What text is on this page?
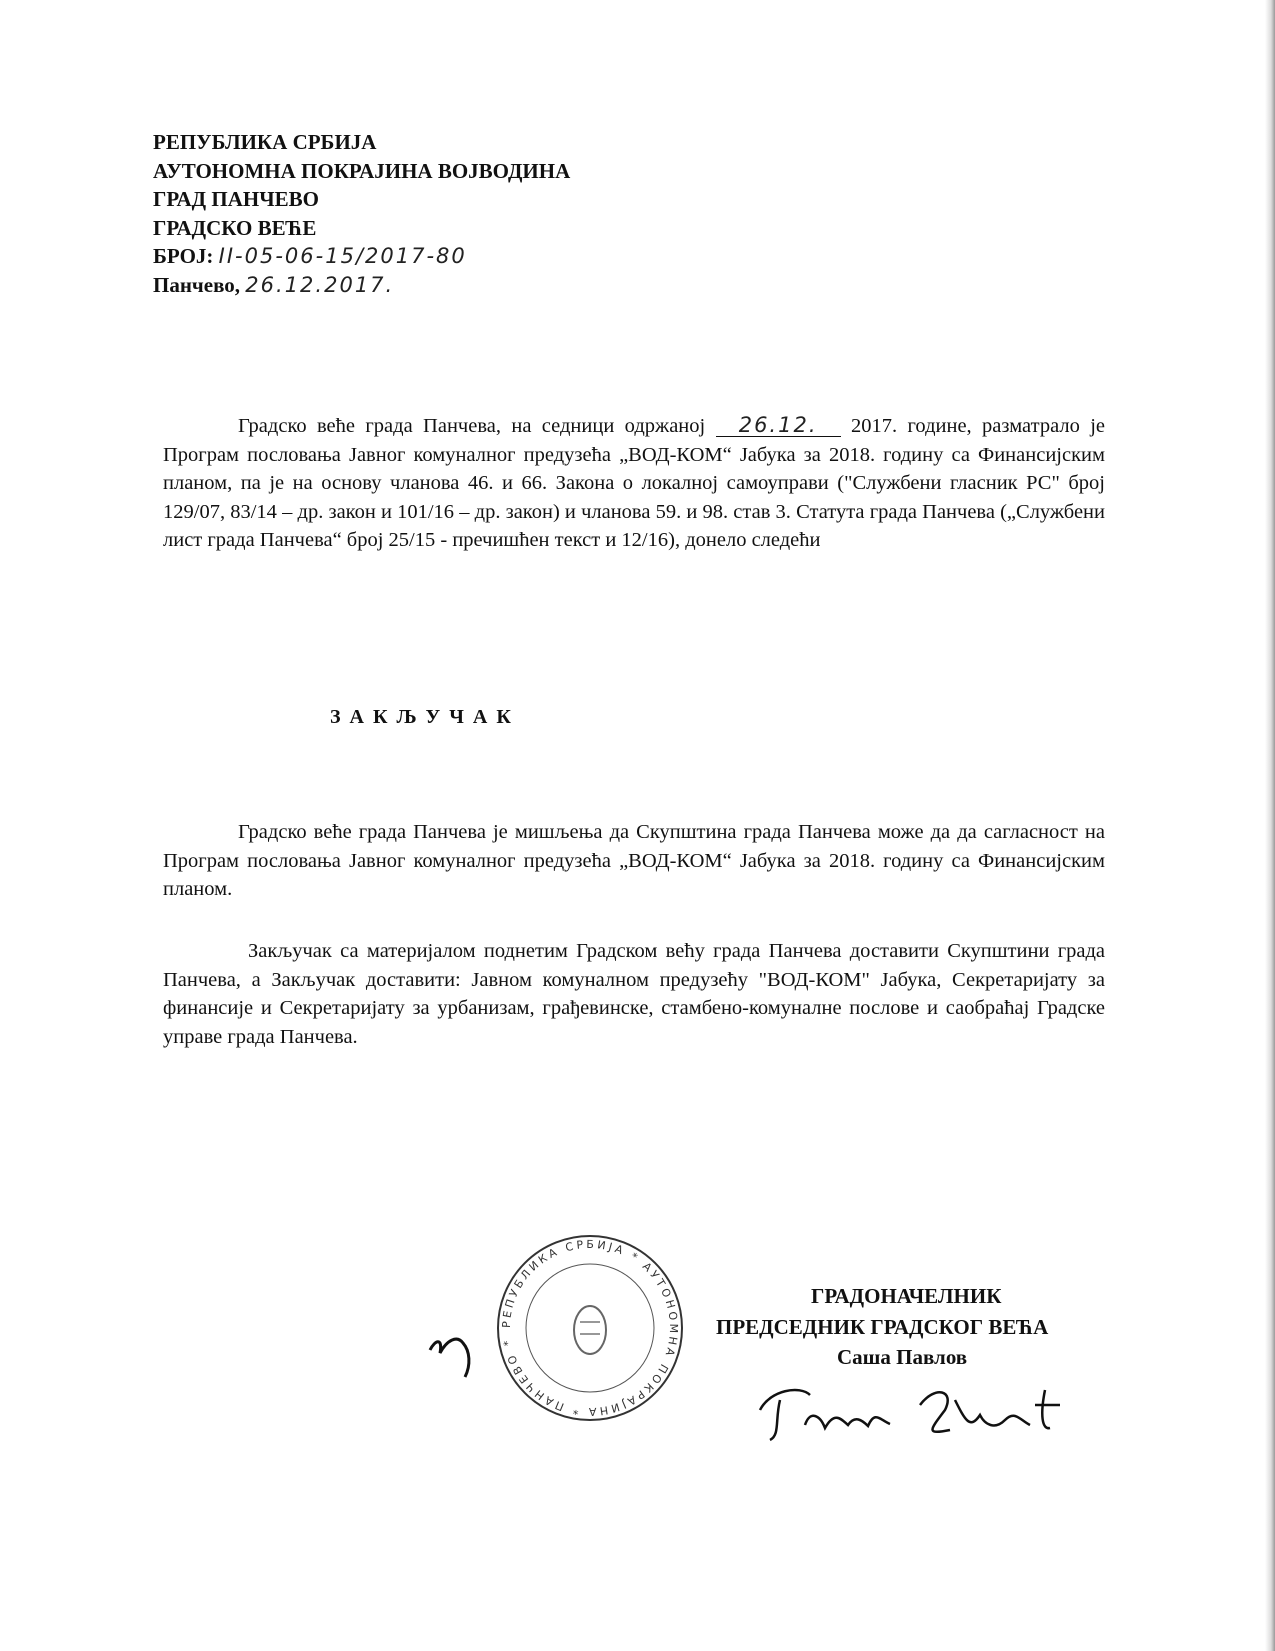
РЕПУБЛИКА СРБИЈА
АУТОНОМНА ПОКРАЈИНА ВОЈВОДИНА
ГРАД ПАНЧЕВО
ГРАДСКО ВЕЋЕ
БРОЈ: II-05-06-15/2017-80
Панчево, 26.12.2017.
Градско веће града Панчева, на седници одржаној 26.12. 2017. године, разматрало је Програм пословања Јавног комуналног предузећа „ВОД-КОМ“ Јабука за 2018. годину са Финансијским планом, па је на основу чланова 46. и 66. Закона о локалној самоуправи ("Службени гласник РС" број 129/07, 83/14 – др. закон и 101/16 – др. закон) и чланова 59. и 98. став 3. Статута града Панчева („Службени лист града Панчева“ број 25/15 - пречишћен текст и 12/16), донело следећи
ЗАКЉУЧАК
Градско веће града Панчева је мишљења да Скупштина града Панчева може да да сагласност на Програм пословања Јавног комуналног предузећа „ВОД-КОМ“ Јабука за 2018. годину са Финансијским планом.
Закључак са материјалом поднетим Градском већу града Панчева доставити Скупштини града Панчева, а Закључак доставити: Јавном комуналном предузећу "ВОД-КОМ" Јабука, Секретаријату за финансије и Секретаријату за урбанизам, грађевинске, стамбено-комуналне послове и саобраћај Градске управе града Панчева.
РЕПУБЛИКА СРБИЈА * АУТОНОМНА ПОКРАЈИНА * ПАНЧЕВО *
ГРАДОНАЧЕЛНИК
ПРЕДСЕДНИК ГРАДСКОГ ВЕЋА
Саша Павлов
